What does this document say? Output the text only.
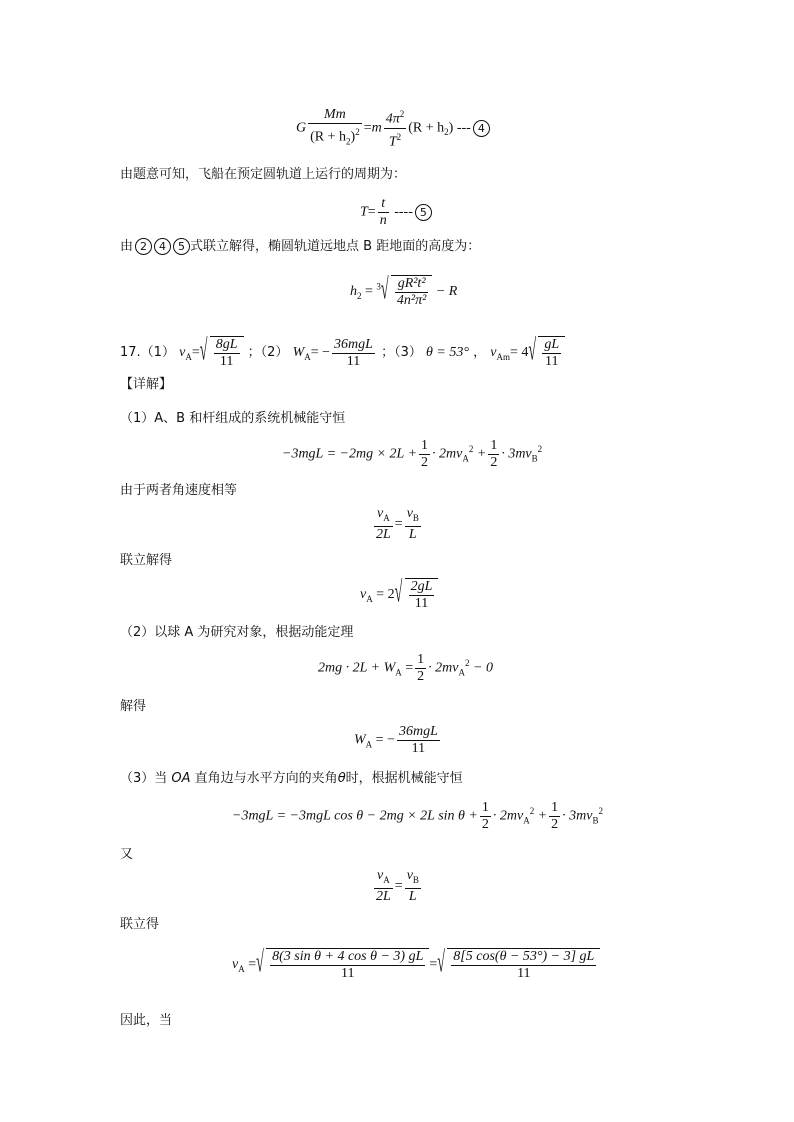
G $\frac{Mm}{(R + h_2)^2} =m \frac{4\pi^2}{T^2} (R + h_2)$ --- 4
由题意可知，飞船在预定圆轨道上运行的周期为：
$T= \frac{t}{n}$ ---- 5
由 2 4 5 式联立解得，椭圆轨道远地点 B 距地面的高度为：
$h_2 = ^3$ √ $\frac{\text{gR²t²}}{\text{4n²π²}} - R$
17.（1） $v_A=$ √ $\frac{8gL}{11}$ ；（2） $W_A= - \frac{\text{36mgL}}{11}$ ；（3） θ = 53° ， $v_{Am}= 4$ √ $\frac{gL}{11}$
【详解】
（1）A、B 和杆组成的系统机械能守恒
$-3mgL = -2mg \times 2L + \frac{1}{2} \cdot 2mv_A^2 + \frac{1}{2} \cdot 3mv_B^2$
由于两者角速度相等
$\frac{v_A}{2L} = \frac{v_B}{L}$
联立解得
$v_A = 2$ √ $\frac{2gL}{11}$
（2）以球 A 为研究对象，根据动能定理
$2mg \cdot 2L + W_A = \frac{1}{2} \cdot 2mv_A^2 - 0$
解得
$W_A$ = − $\frac{\text{36mgL}}{11}$
（3）当 OA 直角边与水平方向的夹角θ时，根据机械能守恒
−3mgL = −3mgL cos θ − 2mg × 2L $\sin \theta + \frac{1}{2} \cdot 2mv_A^2 + \frac{1}{2} \cdot 3mv_B^2$
又
$\frac{v_A}{2L} = \frac{v_B}{L}$
联立得
$v_A$ = √ $\frac{\text{8(3 sin θ + 4 cos θ − 3) gL}}{11}$ = √ $\frac{8[5 \cos(\theta - 53^\circ) - 3] gL}{11}$
因此，当
